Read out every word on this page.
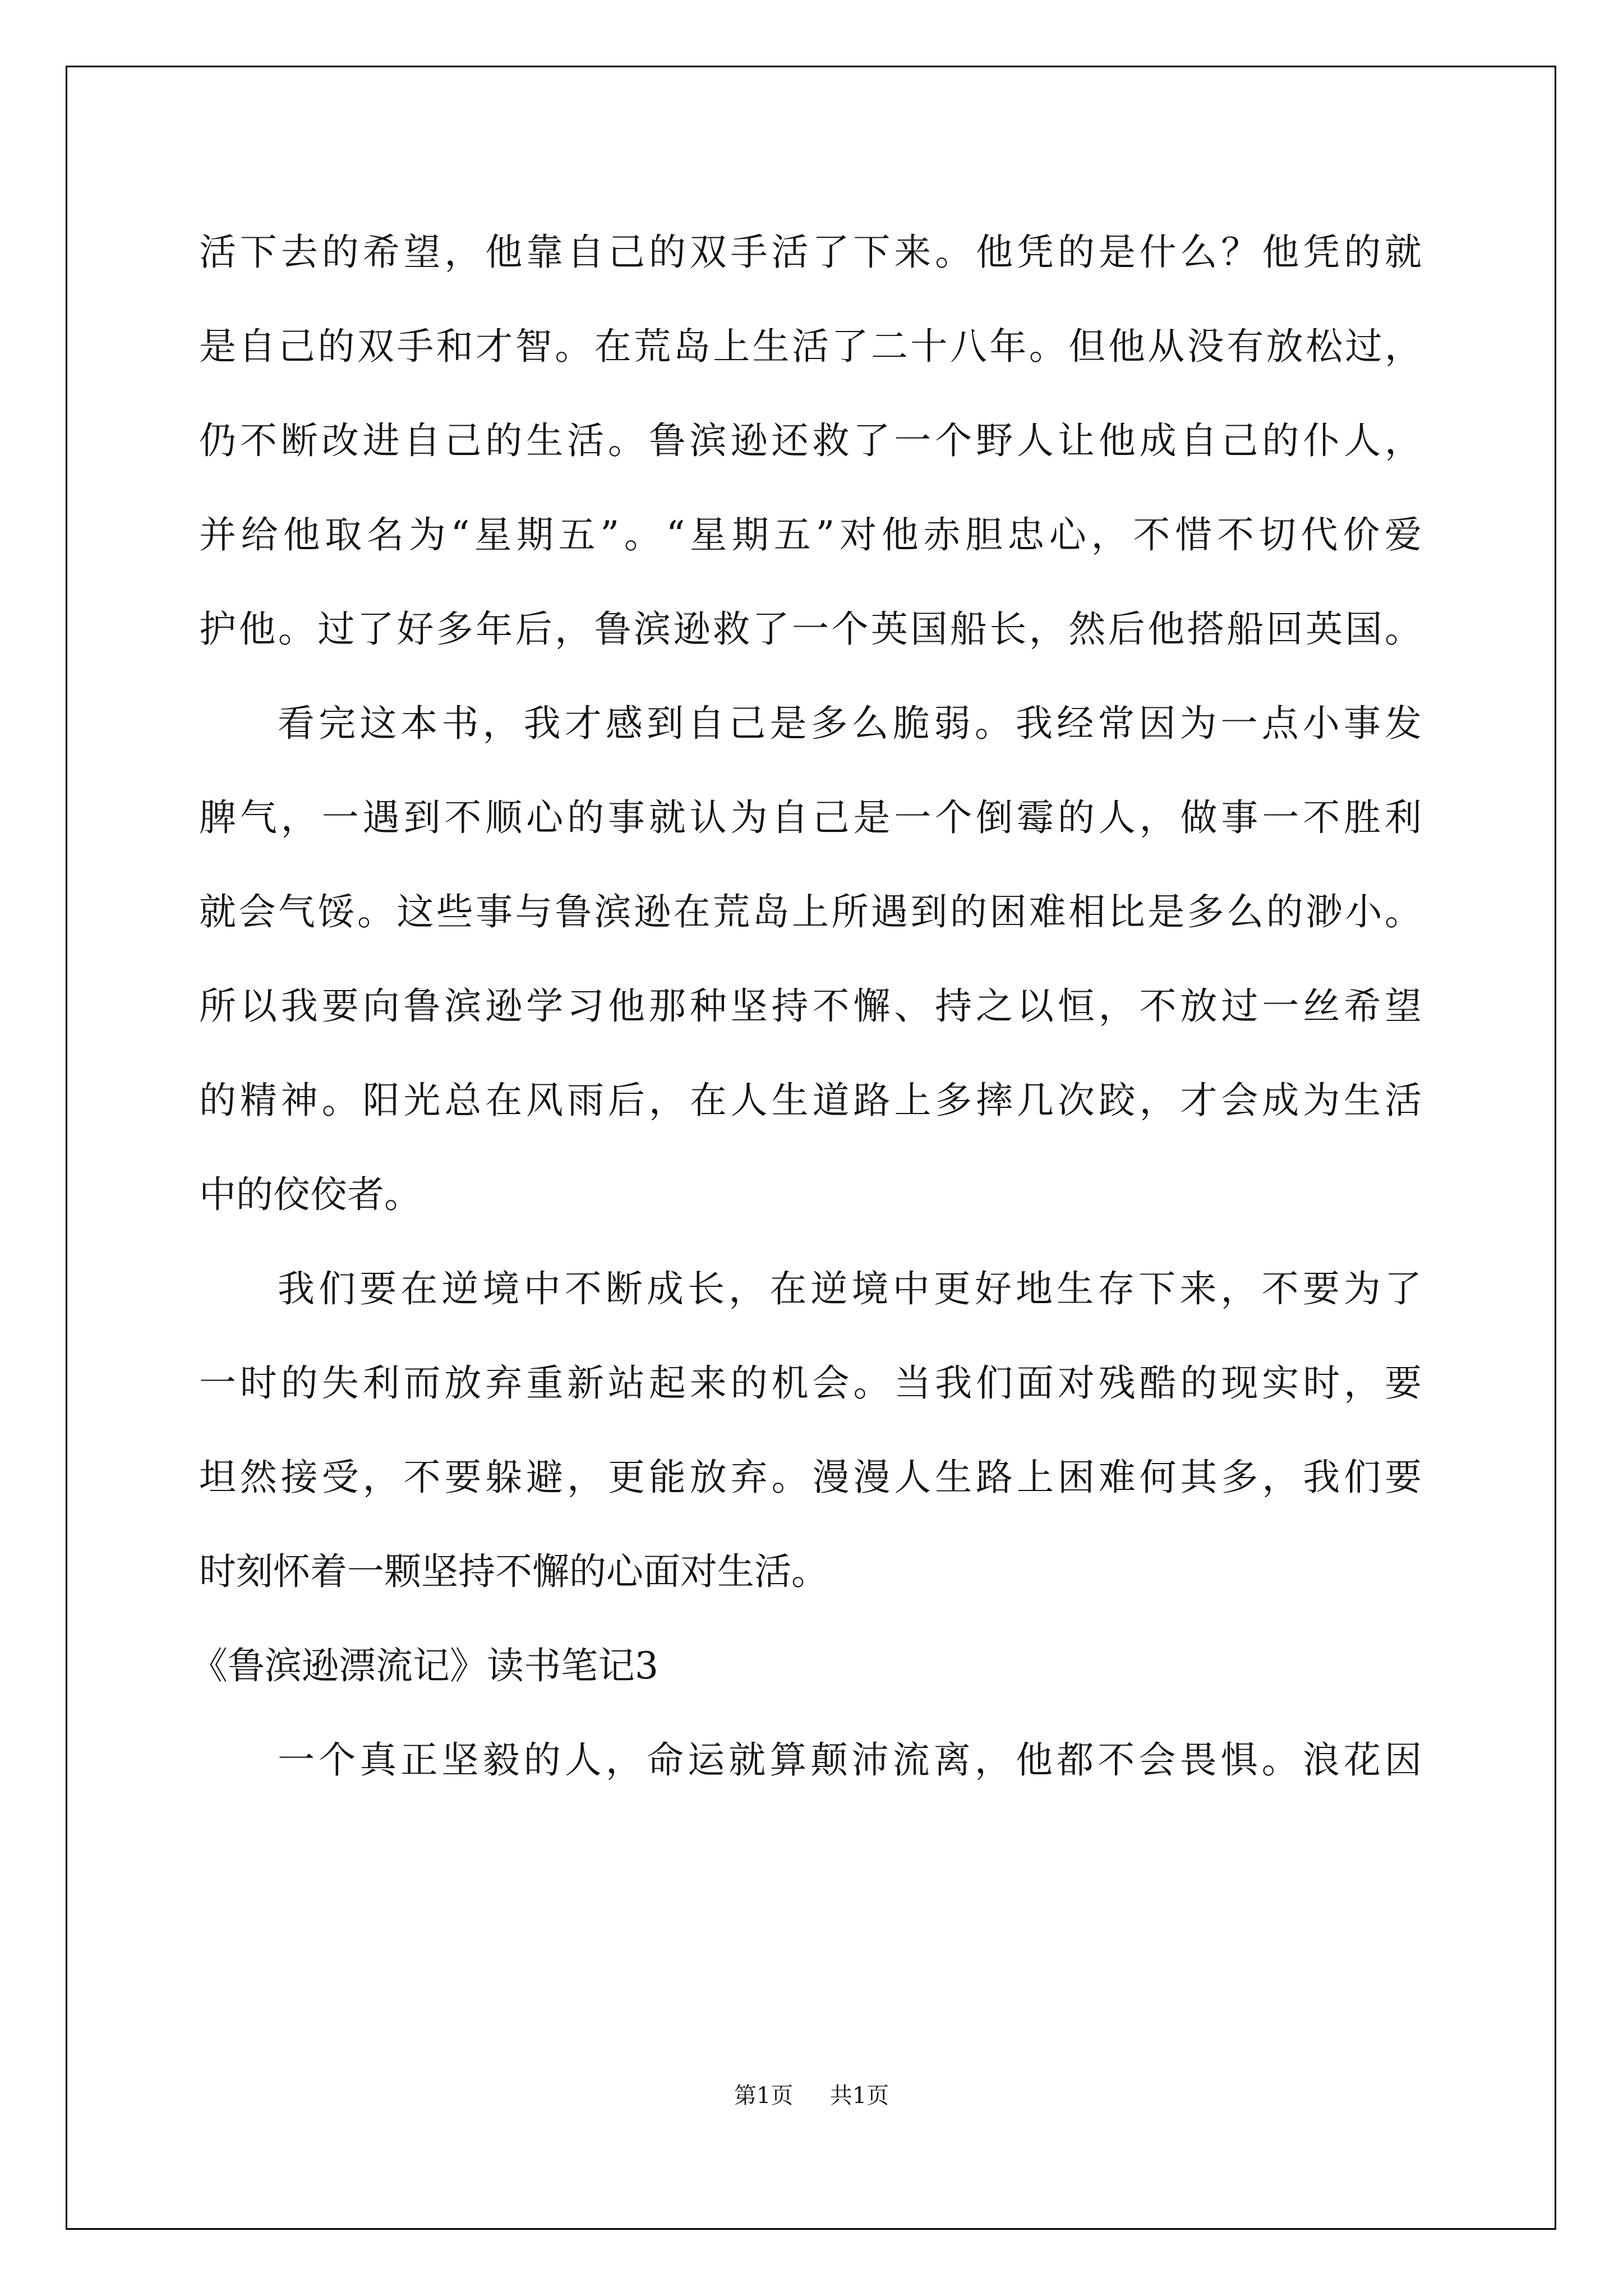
活下去的希望，他靠自己的双手活了下来。他凭的是什么？他凭的就
是自己的双手和才智。在荒岛上生活了二十八年。但他从没有放松过，
仍不断改进自己的生活。鲁滨逊还救了一个野人让他成自己的仆人，
并给他取名为“星期五”。“星期五”对他赤胆忠心，不惜不切代价爱
护他。过了好多年后，鲁滨逊救了一个英国船长，然后他搭船回英国。
看完这本书，我才感到自己是多么脆弱。我经常因为一点小事发
脾气，一遇到不顺心的事就认为自己是一个倒霉的人，做事一不胜利
就会气馁。这些事与鲁滨逊在荒岛上所遇到的困难相比是多么的渺小。
所以我要向鲁滨逊学习他那种坚持不懈、持之以恒，不放过一丝希望
的精神。阳光总在风雨后，在人生道路上多摔几次跤，才会成为生活
中的佼佼者。
我们要在逆境中不断成长，在逆境中更好地生存下来，不要为了
一时的失利而放弃重新站起来的机会。当我们面对残酷的现实时，要
坦然接受，不要躲避，更能放弃。漫漫人生路上困难何其多，我们要
时刻怀着一颗坚持不懈的心面对生活。
《鲁滨逊漂流记》读书笔记3
一个真正坚毅的人，命运就算颠沛流离，他都不会畏惧。浪花因
第1页 共1页
